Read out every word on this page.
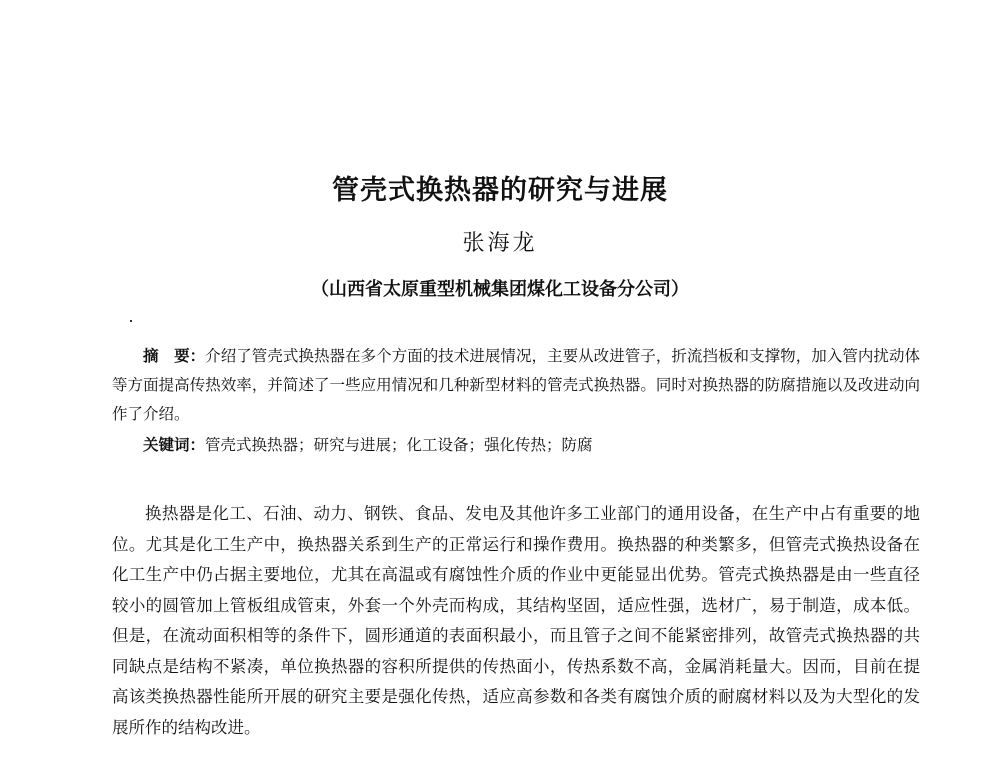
管壳式换热器的研究与进展
张海龙
（山西省太原重型机械集团煤化工设备分公司）

摘　要：介绍了管壳式换热器在多个方面的技术进展情况，主要从改进管子，折流挡板和支撑物，加入管内扰动体等方面提高传热效率，并简述了一些应用情况和几种新型材料的管壳式换热器。同时对换热器的防腐措施以及改进动向作了介绍。

关键词：管壳式换热器；研究与进展；化工设备；强化传热；防腐

换热器是化工、石油、动力、钢铁、食品、发电及其他许多工业部门的通用设备，在生产中占有重要的地位。尤其是化工生产中，换热器关系到生产的正常运行和操作费用。换热器的种类繁多，但管壳式换热设备在化工生产中仍占据主要地位，尤其在高温或有腐蚀性介质的作业中更能显出优势。管壳式换热器是由一些直径较小的圆管加上管板组成管束，外套一个外壳而构成，其结构坚固，适应性强，选材广，易于制造，成本低。但是，在流动面积相等的条件下，圆形通道的表面积最小，而且管子之间不能紧密排列，故管壳式换热器的共同缺点是结构不紧凑，单位换热器的容积所提供的传热面小，传热系数不高，金属消耗量大。因而，目前在提高该类换热器性能所开展的研究主要是强化传热，适应高参数和各类有腐蚀介质的耐腐材料以及为大型化的发展所作的结构改进。
